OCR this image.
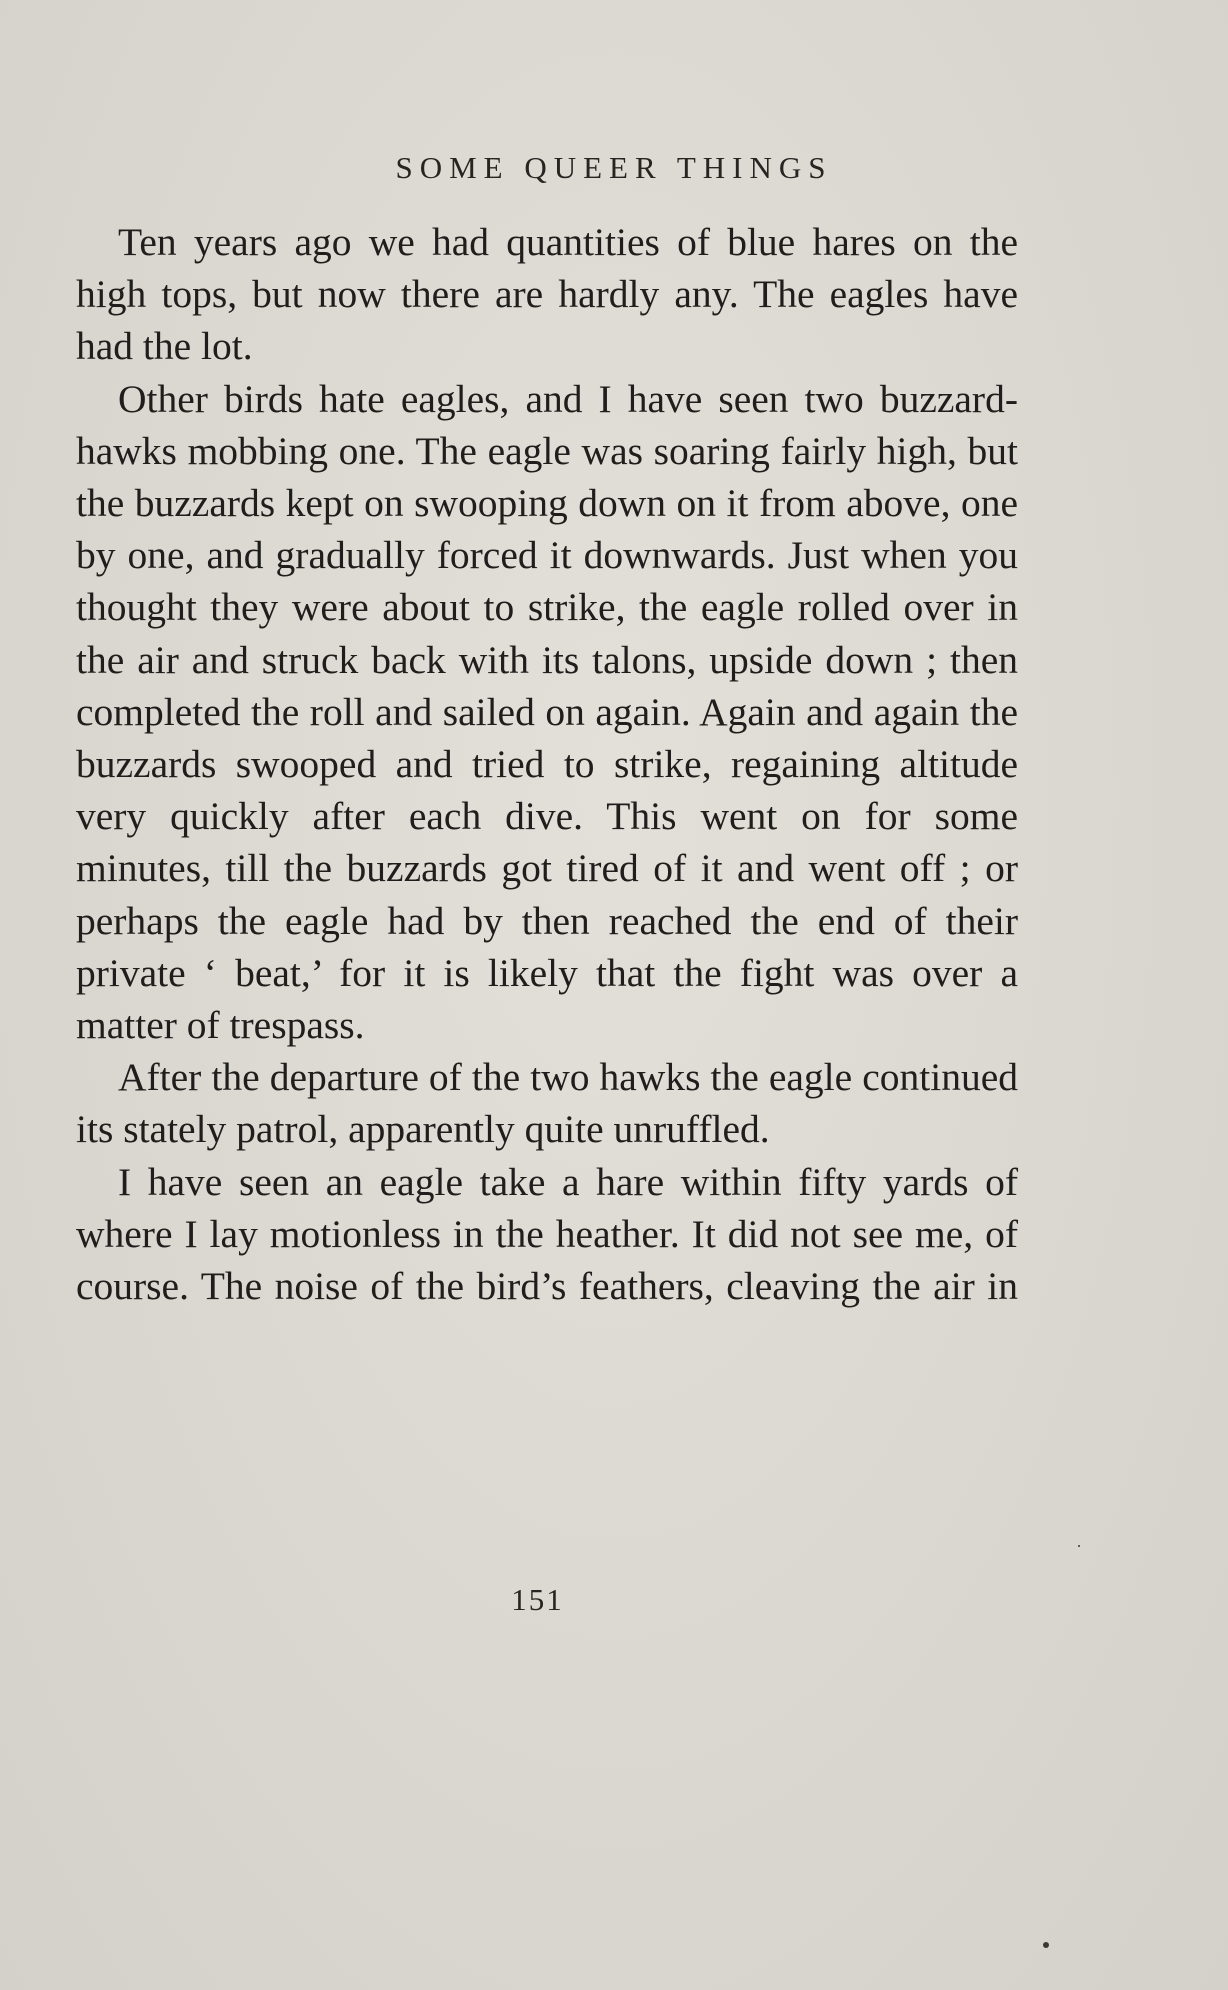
SOME QUEER THINGS

Ten years ago we had quantities of blue hares on the high tops, but now there are hardly any. The eagles have had the lot.

Other birds hate eagles, and I have seen two buzzard-hawks mobbing one. The eagle was soaring fairly high, but the buzzards kept on swooping down on it from above, one by one, and gradually forced it downwards. Just when you thought they were about to strike, the eagle rolled over in the air and struck back with its talons, upside down ; then completed the roll and sailed on again. Again and again the buzzards swooped and tried to strike, regaining altitude very quickly after each dive. This went on for some minutes, till the buzzards got tired of it and went off ; or perhaps the eagle had by then reached the end of their private ‘ beat,’ for it is likely that the fight was over a matter of trespass.

After the departure of the two hawks the eagle continued its stately patrol, apparently quite unruffled.

I have seen an eagle take a hare within fifty yards of where I lay motionless in the heather. It did not see me, of course. The noise of the bird’s feathers, cleaving the air in

151
